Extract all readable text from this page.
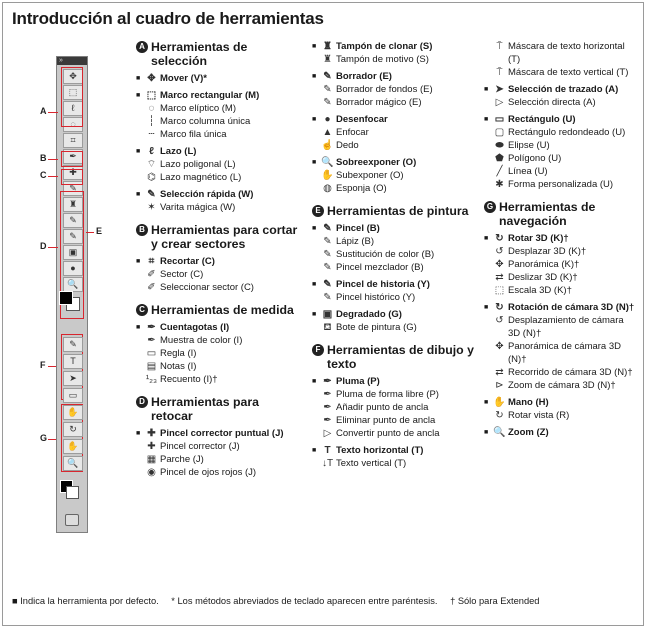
Introducción al cuadro de herramientas
»
✥
⬚
ℓ
◌
⌗
✒
✚
✎
♜
✎
✎
▣
●
🔍
A
B
C
D
E
F
G
✎
T
➤
▭
✋
↻
✋
🔍
A Herramientas de selección
■ ✥ Mover (V)*
■ ⬚ Marco rectangular (M)
◌ Marco elíptico (M)
┆ Marco columna única
┄ Marco fila única
■ ℓ Lazo (L)
⌔ Lazo poligonal (L)
⌬ Lazo magnético (L)
■ ✎ Selección rápida (W)
✶ Varita mágica (W)
B Herramientas para cortar y crear sectores
■ ⌗ Recortar (C)
✐ Sector (C)
✐ Seleccionar sector (C)
C Herramientas de medida
■ ✒ Cuentagotas (I)
✒ Muestra de color (I)
▭ Regla (I)
▤ Notas (I)
¹₂₃ Recuento (I)†
D Herramientas para retocar
■ ✚ Pincel corrector puntual (J)
✚ Pincel corrector (J)
▦ Parche (J)
◉ Pincel de ojos rojos (J)
■ ♜ Tampón de clonar (S)
♜ Tampón de motivo (S)
■ ✎ Borrador (E)
✎ Borrador de fondos (E)
✎ Borrador mágico (E)
■ ● Desenfocar
▲ Enfocar
☝ Dedo
■ 🔍 Sobreexponer (O)
✋ Subexponer (O)
◍ Esponja (O)
E Herramientas de pintura
■ ✎ Pincel (B)
✎ Lápiz (B)
✎ Sustitución de color (B)
✎ Pincel mezclador (B)
■ ✎ Pincel de historia (Y)
✎ Pincel histórico (Y)
■ ▣ Degradado (G)
⛾ Bote de pintura (G)
F Herramientas de dibujo y texto
■ ✒ Pluma (P)
✒ Pluma de forma libre (P)
✒ Añadir punto de ancla
✒ Eliminar punto de ancla
▷ Convertir punto de ancla
■ T Texto horizontal (T)
↓T Texto vertical (T)
⍑ Máscara de texto horizontal (T)
⍑ Máscara de texto vertical (T)
■ ➤ Selección de trazado (A)
▷ Selección directa (A)
■ ▭ Rectángulo (U)
▢ Rectángulo redondeado (U)
⬬ Elipse (U)
⬟ Polígono (U)
╱ Línea (U)
✱ Forma personalizada (U)
G Herramientas de navegación
■ ↻ Rotar 3D (K)†
↺ Desplazar 3D (K)†
✥ Panorámica (K)†
⇄ Deslizar 3D (K)†
⬚ Escala 3D (K)†
■ ↻ Rotación de cámara 3D (N)†
↺ Desplazamiento de cámara 3D (N)†
✥ Panorámica de cámara 3D (N)†
⇄ Recorrido de cámara 3D (N)†
⊳ Zoom de cámara 3D (N)†
■ ✋ Mano (H)
↻ Rotar vista (R)
■ 🔍 Zoom (Z)
■ Indica la herramienta por defecto. * Los métodos abreviados de teclado aparecen entre paréntesis. † Sólo para Extended
